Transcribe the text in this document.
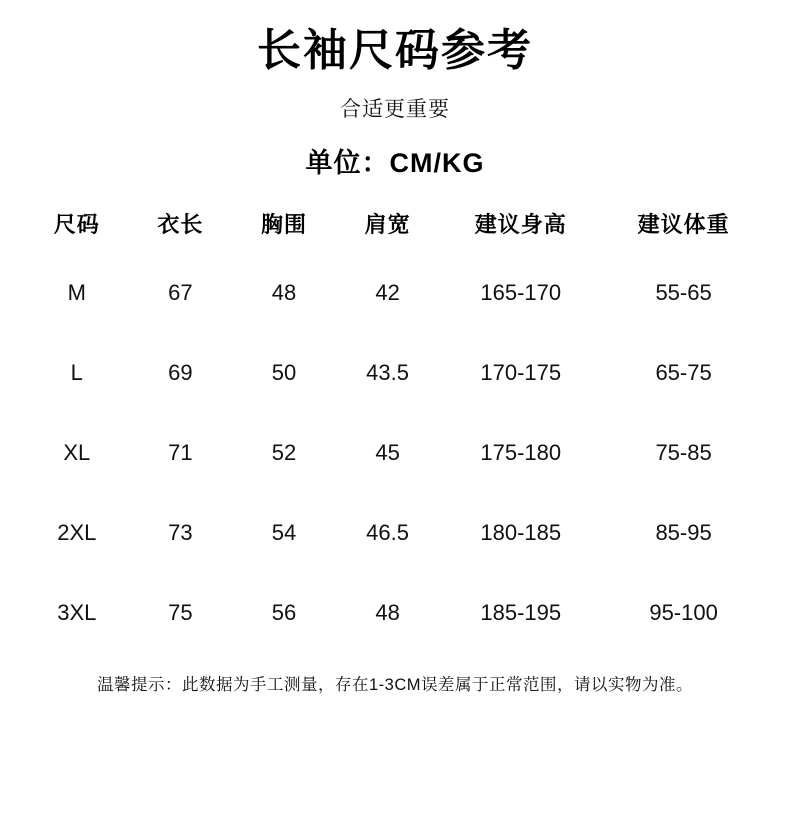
长袖尺码参考
合适更重要
单位：CM/KG
尺码	衣长	胸围	肩宽	建议身高	建议体重
M	67	48	42	165-170	55-65
L	69	50	43.5	170-175	65-75
XL	71	52	45	175-180	75-85
2XL	73	54	46.5	180-185	85-95
3XL	75	56	48	185-195	95-100
温馨提示：此数据为手工测量，存在1-3CM误差属于正常范围，请以实物为准。
